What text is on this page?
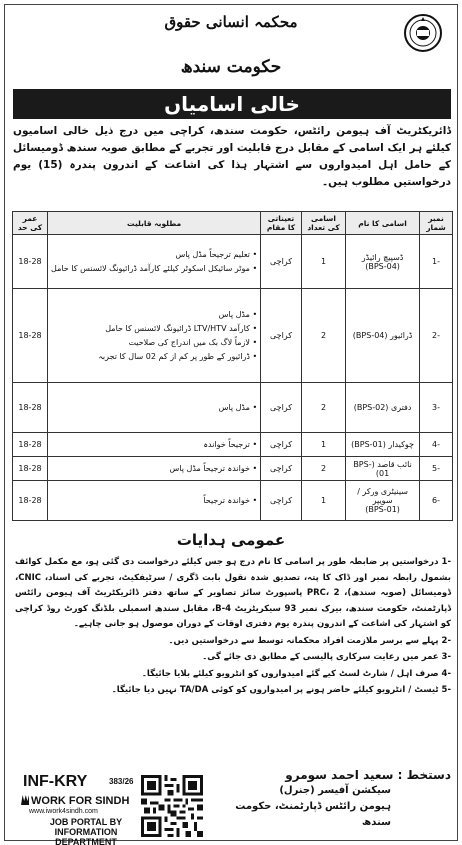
محکمہ انسانی حقوق
حکومت سندھ
خالی اسامیاں
ڈائریکٹریٹ آف ہیومن رائٹس، حکومت سندھ، کراچی میں درج ذیل خالی اسامیوں کیلئے ہر ایک اسامی کے مقابل درج قابلیت اور تجربے کے مطابق صوبہ سندھ ڈومیسائل کے حامل اہل امیدواروں سے اشتہار ہذا کی اشاعت کے اندرون پندرہ (15) یوم درخواستیں مطلوب ہیں۔
نمبر شمار	اسامی کا نام	اسامی کی تعداد	تعیناتی کا مقام	مطلوبہ قابلیت	عمر کی حد
-1	ڈسپیچ رائیڈر
(BPS-04)	1	کراچی	• تعلیم ترجیحاً مڈل پاس
• موٹر سائیکل اسکوٹر کیلئے کارآمد ڈرائیونگ لائسنس کا حامل	18-28
-2	ڈرائیور (BPS-04)	2	کراچی	• مڈل پاس
• کارآمد LTV/HTV ڈرائیونگ لائسنس کا حامل
• لازماً لاگ بک میں اندراج کی صلاحیت
• ڈرائیور کے طور پر کم از کم 02 سال کا تجربہ	18-28
-3	دفتری (BPS-02)	2	کراچی	• مڈل پاس	18-28
-4	چوکیدار (BPS-01)	1	کراچی	• ترجیحاً خواندہ	18-28
-5	نائب قاصد (BPS-01)	2	کراچی	• خواندہ ترجیحاً مڈل پاس	18-28
-6	سینیٹری ورکر / سویپر
(BPS-01)	1	کراچی	• خواندہ ترجیحاً	18-28
عمومی ہدایات

-1 درخواستیں پر ضابطہ طور پر اسامی کا نام درج ہو جس کیلئے درخواست دی گئی ہو، مع مکمل کوائف بشمول رابطہ نمبر اور ڈاک کا پتہ، تصدیق شدہ نقول بابت ڈگری / سرٹیفکیٹ، تجربے کی اسناد، CNIC، ڈومیسائل (صوبہ سندھ)، PRC، 2 پاسپورٹ سائز تصاویر کے ساتھ دفتر ڈائریکٹریٹ آف ہیومن رائٹس ڈپارٹمنٹ، حکومت سندھ، بیرک نمبر 93 سیکریٹریٹ B-4، مقابل سندھ اسمبلی بلڈنگ کورٹ روڈ کراچی کو اشتہار کی اشاعت کے اندرون پندرہ یوم دفتری اوقات کے دوران موصول ہو جانی چاہیے۔

-2 پہلے سے برسر ملازمت افراد محکمانہ توسط سے درخواستیں دیں۔

-3 عمر میں رعایت سرکاری پالیسی کے مطابق دی جائے گی۔

-4 صرف اہل / شارٹ لسٹ کیے گئے امیدواروں کو انٹرویو کیلئے بلایا جائیگا۔

-5 ٹیسٹ / انٹرویو کیلئے حاضر ہونے پر امیدواروں کو کوئی TA/DA نہیں دیا جائیگا۔

دستخط : سعید احمد سومرو
سیکشن آفیسر (جنرل)
ہیومن رائٹس ڈپارٹمنٹ، حکومت سندھ
INF-KRY	383/26
WORK FOR SINDH
www.iwork4sindh.com
JOB PORTAL BY
INFORMATION DEPARTMENT
